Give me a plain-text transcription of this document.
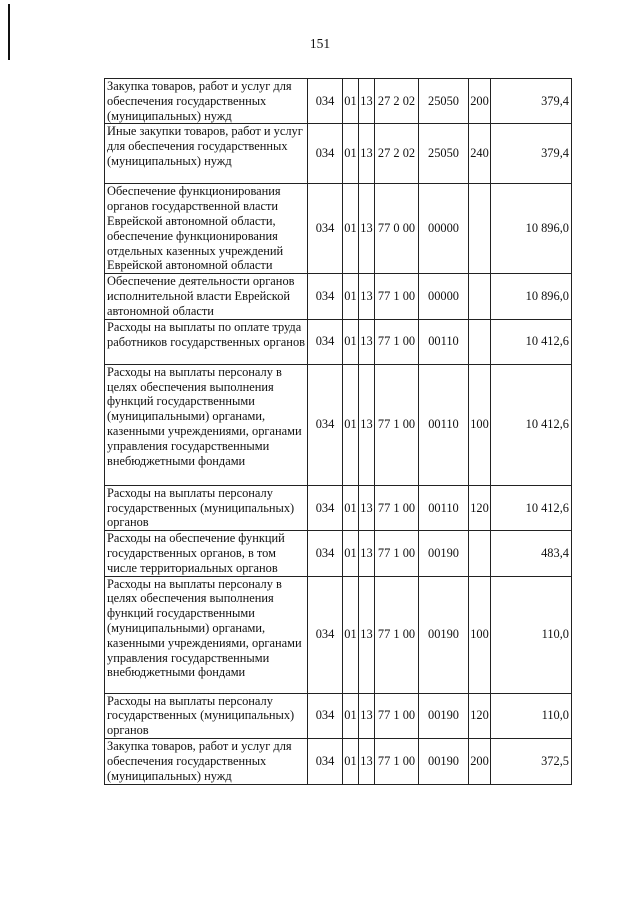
151
Закупка товаров, работ и услуг для обеспечения государственных (муниципальных) нужд	034	01	13	27 2 02	25050	200	379,4
Иные закупки товаров, работ и услуг для обеспечения государственных (муниципальных) нужд	034	01	13	27 2 02	25050	240	379,4
Обеспечение функционирования органов государственной власти Еврейской автономной области, обеспечение функционирования отдельных казенных учреждений Еврейской автономной области	034	01	13	77 0 00	00000		10 896,0
Обеспечение деятельности органов исполнительной власти Еврейской автономной области	034	01	13	77 1 00	00000		10 896,0
Расходы на выплаты по оплате труда работников государственных органов	034	01	13	77 1 00	00110		10 412,6
Расходы на выплаты персоналу в целях обеспечения выполнения функций государственными (муниципальными) органами, казенными учреждениями, органами управления государственными внебюджетными фондами	034	01	13	77 1 00	00110	100	10 412,6
Расходы на выплаты персоналу государственных (муниципальных) органов	034	01	13	77 1 00	00110	120	10 412,6
Расходы на обеспечение функций государственных органов, в том числе территориальных органов	034	01	13	77 1 00	00190		483,4
Расходы на выплаты персоналу в целях обеспечения выполнения функций государственными (муниципальными) органами, казенными учреждениями, органами управления государственными внебюджетными фондами	034	01	13	77 1 00	00190	100	110,0
Расходы на выплаты персоналу государственных (муниципальных) органов	034	01	13	77 1 00	00190	120	110,0
Закупка товаров, работ и услуг для обеспечения государственных (муниципальных) нужд	034	01	13	77 1 00	00190	200	372,5
